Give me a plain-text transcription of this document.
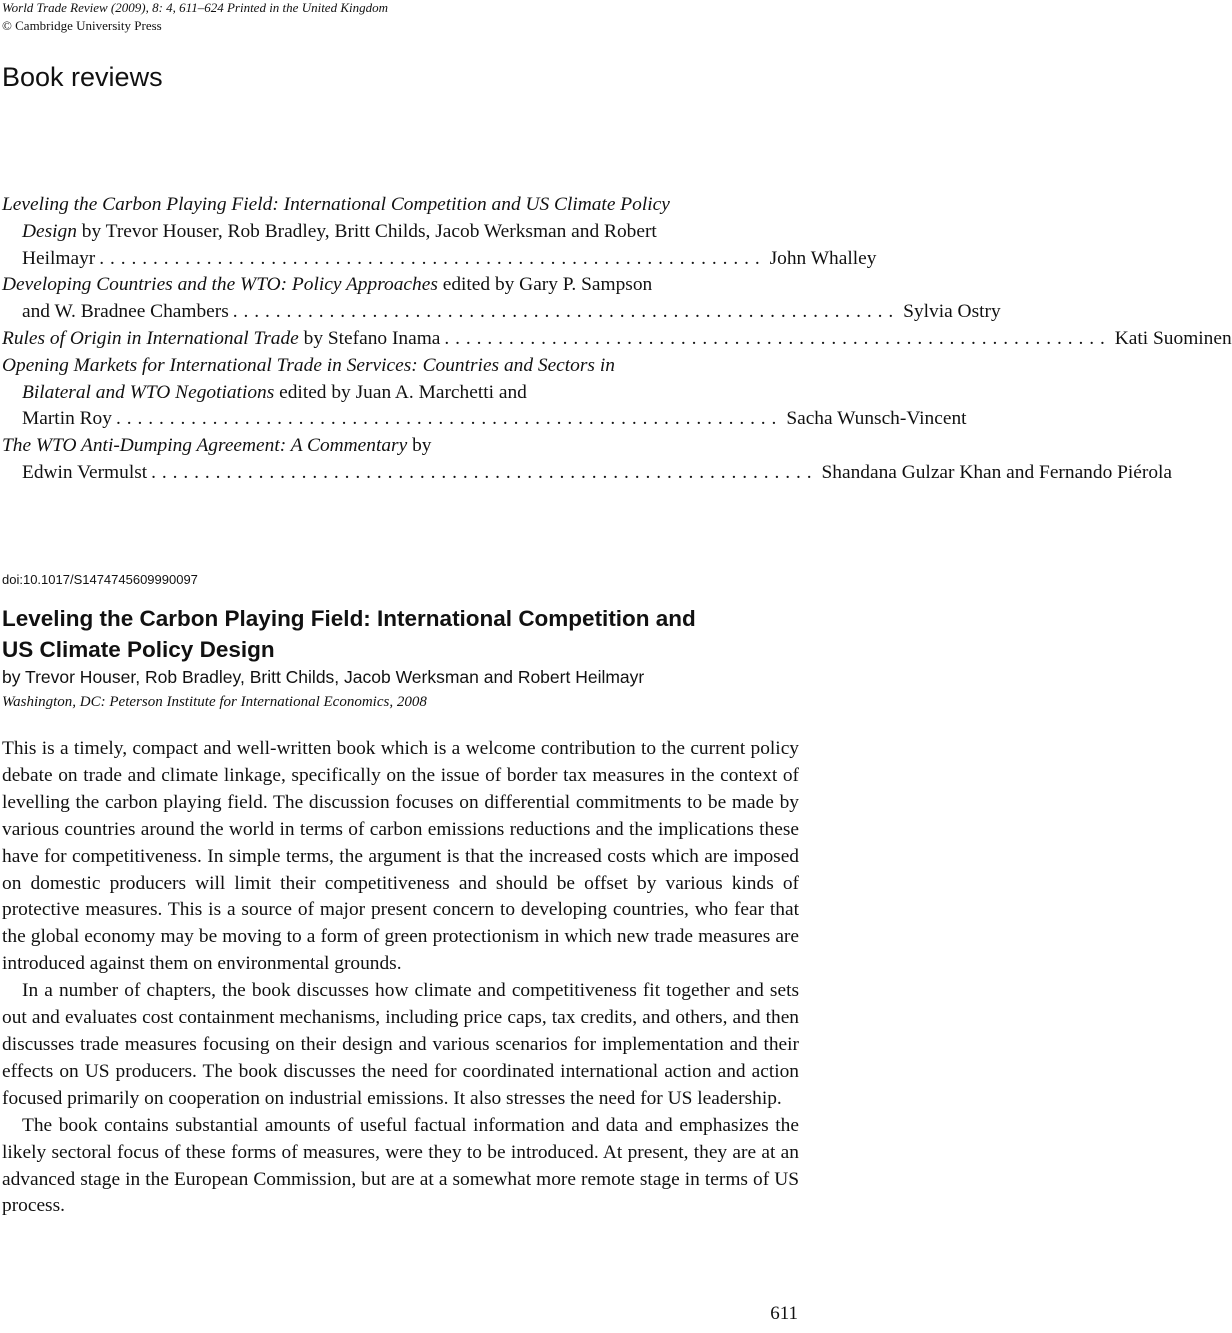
World Trade Review (2009), 8: 4, 611–624 Printed in the United Kingdom
© Cambridge University Press
Book reviews
Leveling the Carbon Playing Field: International Competition and US Climate Policy
Design by Trevor Houser, Rob Bradley, Britt Childs, Jacob Werksman and Robert
Heilmayr .............................................................. John Whalley
Developing Countries and the WTO: Policy Approaches edited by Gary P. Sampson
and W. Bradnee Chambers .............................................................. Sylvia Ostry
Rules of Origin in International Trade by Stefano Inama .............................................................. Kati Suominen
Opening Markets for International Trade in Services: Countries and Sectors in
Bilateral and WTO Negotiations edited by Juan A. Marchetti and
Martin Roy .............................................................. Sacha Wunsch-Vincent
The WTO Anti-Dumping Agreement: A Commentary by
Edwin Vermulst .............................................................. Shandana Gulzar Khan and Fernando Piérola
doi:10.1017/S1474745609990097
Leveling the Carbon Playing Field: International Competition and
US Climate Policy Design
by Trevor Houser, Rob Bradley, Britt Childs, Jacob Werksman and Robert Heilmayr
Washington, DC: Peterson Institute for International Economics, 2008

This is a timely, compact and well-written book which is a welcome contribution to the current policy debate on trade and climate linkage, specifically on the issue of border tax measures in the context of levelling the carbon playing field. The discussion focuses on differential commitments to be made by various countries around the world in terms of carbon emissions reductions and the implications these have for competitiveness. In simple terms, the argument is that the increased costs which are imposed on domestic producers will limit their competitiveness and should be offset by various kinds of protective measures. This is a source of major present concern to developing countries, who fear that the global economy may be moving to a form of green protectionism in which new trade measures are introduced against them on environmental grounds.

In a number of chapters, the book discusses how climate and competitiveness fit together and sets out and evaluates cost containment mechanisms, including price caps, tax credits, and others, and then discusses trade measures focusing on their design and various scenarios for implementation and their effects on US producers. The book discusses the need for coordinated international action and action focused primarily on cooperation on industrial emissions. It also stresses the need for US leadership.

The book contains substantial amounts of useful factual information and data and emphasizes the likely sectoral focus of these forms of measures, were they to be introduced. At present, they are at an advanced stage in the European Commission, but are at a somewhat more remote stage in terms of US process.

611
